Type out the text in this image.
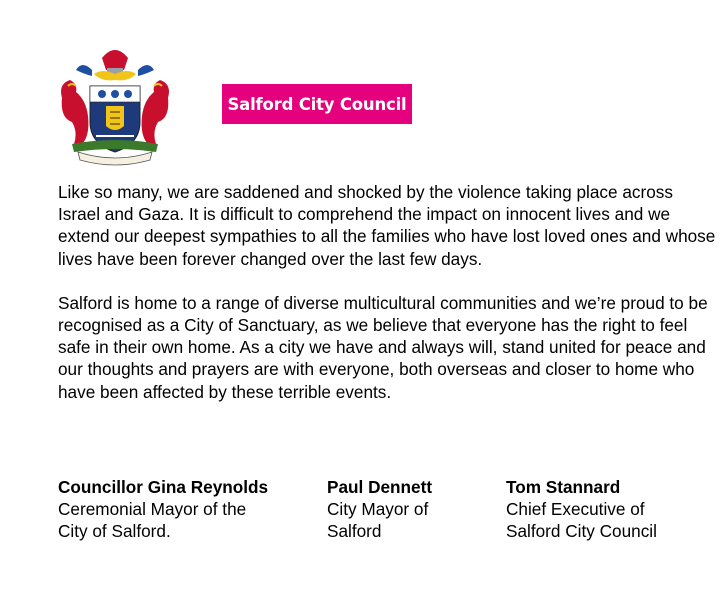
Salford City Council

Like so many, we are saddened and shocked by the violence taking place across Israel and Gaza. It is difficult to comprehend the impact on innocent lives and we extend our deepest sympathies to all the families who have lost loved ones and whose lives have been forever changed over the last few days.

Salford is home to a range of diverse multicultural communities and we’re proud to be recognised as a City of Sanctuary, as we believe that everyone has the right to feel safe in their own home. As a city we have and always will, stand united for peace and our thoughts and prayers are with everyone, both overseas and closer to home who have been affected by these terrible events.

Councillor Gina Reynolds
Ceremonial Mayor of the
City of Salford.
Paul Dennett
City Mayor of
Salford
Tom Stannard
Chief Executive of
Salford City Council
